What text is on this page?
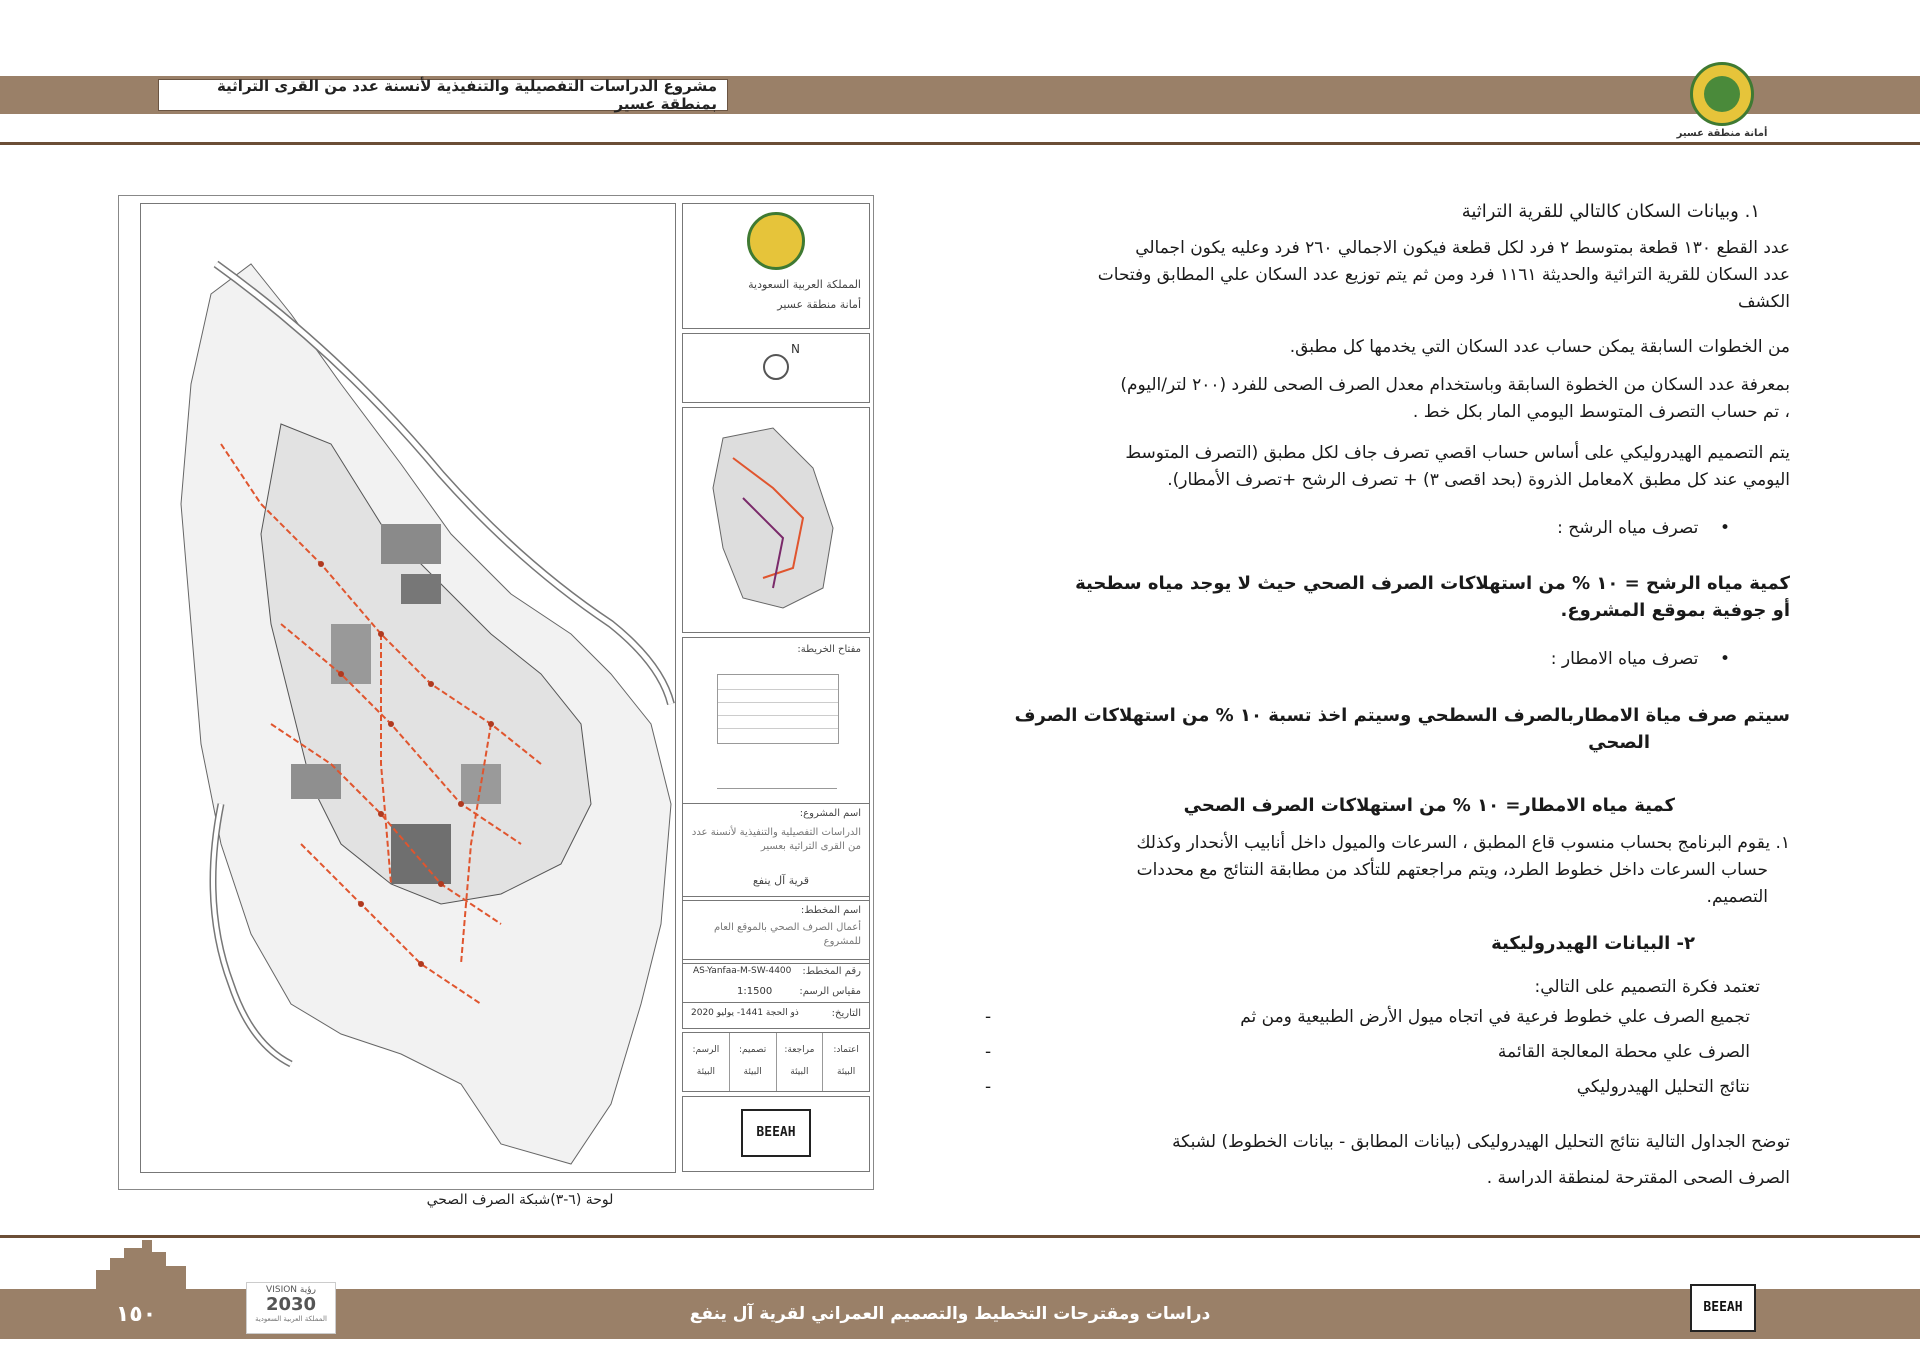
مشروع الدراسات التفصيلية والتنفيذية لأنسنة عدد من القرى التراثية بمنطقة عسير
أمانة منطقة عسير
المملكة العربية السعودية
أمانة منطقة عسير
N
مفتاح الخريطة:
اسم المشروع:
الدراسات التفصيلية والتنفيذية لأنسنة عدد من القرى التراثية بعسير
قرية آل ينفع
اسم المخطط:
أعمال الصرف الصحي بالموقع العام للمشروع
رقم المخطط:
AS-Yanfaa-M-SW-4400
مقياس الرسم:
1:1500
التاريخ:
ذو الحجة 1441- يوليو 2020
اعتماد:
البيئة
مراجعة:
البيئة
تصميم:
البيئة
الرسم:
البيئة
BEEAH
لوحة (٦-٣)شبكة الصرف الصحي
١. وبيانات السكان كالتالي للقرية التراثية
عدد القطع ١٣٠ قطعة بمتوسط ٢ فرد لكل قطعة فيكون الاجمالي ٢٦٠ فرد وعليه يكون اجمالي
عدد السكان للقرية التراثية والحديثة ١١٦١ فرد ومن ثم يتم توزيع عدد السكان علي المطابق وفتحات
الكشف
من الخطوات السابقة يمكن حساب عدد السكان التي يخدمها كل مطبق.
بمعرفة عدد السكان من الخطوة السابقة وباستخدام معدل الصرف الصحى للفرد (٢٠٠ لتر/اليوم)
، تم حساب التصرف المتوسط اليومي المار بكل خط .
يتم التصميم الهيدروليكي على أساس حساب اقصي تصرف جاف لكل مطبق (التصرف المتوسط
اليومي عند كل مطبق Xمعامل الذروة (بحد اقصى ٣) + تصرف الرشح +تصرف الأمطار).
•    تصرف مياه الرشح :
كمية مياه الرشح = ١٠ % من استهلاكات الصرف الصحي حيث لا يوجد مياه سطحية
أو جوفية بموقع المشروع.
•    تصرف مياه الامطار :
سيتم صرف مياة الامطاربالصرف السطحي وسيتم اخذ تسبة ١٠ % من استهلاكات الصرف
الصحي
كمية مياه الامطار= ١٠ % من استهلاكات الصرف الصحي
١. يقوم البرنامج بحساب منسوب قاع المطبق ، السرعات والميول داخل أنابيب الأنحدار وكذلك
حساب السرعات داخل خطوط الطرد، ويتم مراجعتهم للتأكد من مطابقة النتائج مع محددات
التصميم.
٢- البيانات الهيدروليكية
تعتمد فكرة التصميم على التالي:
تجميع الصرف علي خطوط فرعية في اتجاه ميول الأرض الطبيعية ومن ثم
-
الصرف علي محطة المعالجة القائمة
-
نتائج التحليل الهيدروليكي
-
توضح الجداول التالية نتائج التحليل الهيدروليكى (بيانات المطابق - بيانات الخطوط) لشبكة
الصرف الصحى المقترحة لمنطقة الدراسة .
١٥٠
VISION رؤية
2030
المملكة العربية السعودية	دراسات ومقترحات التخطيط والتصميم العمراني لقرية آل ينفع	BEEAH
